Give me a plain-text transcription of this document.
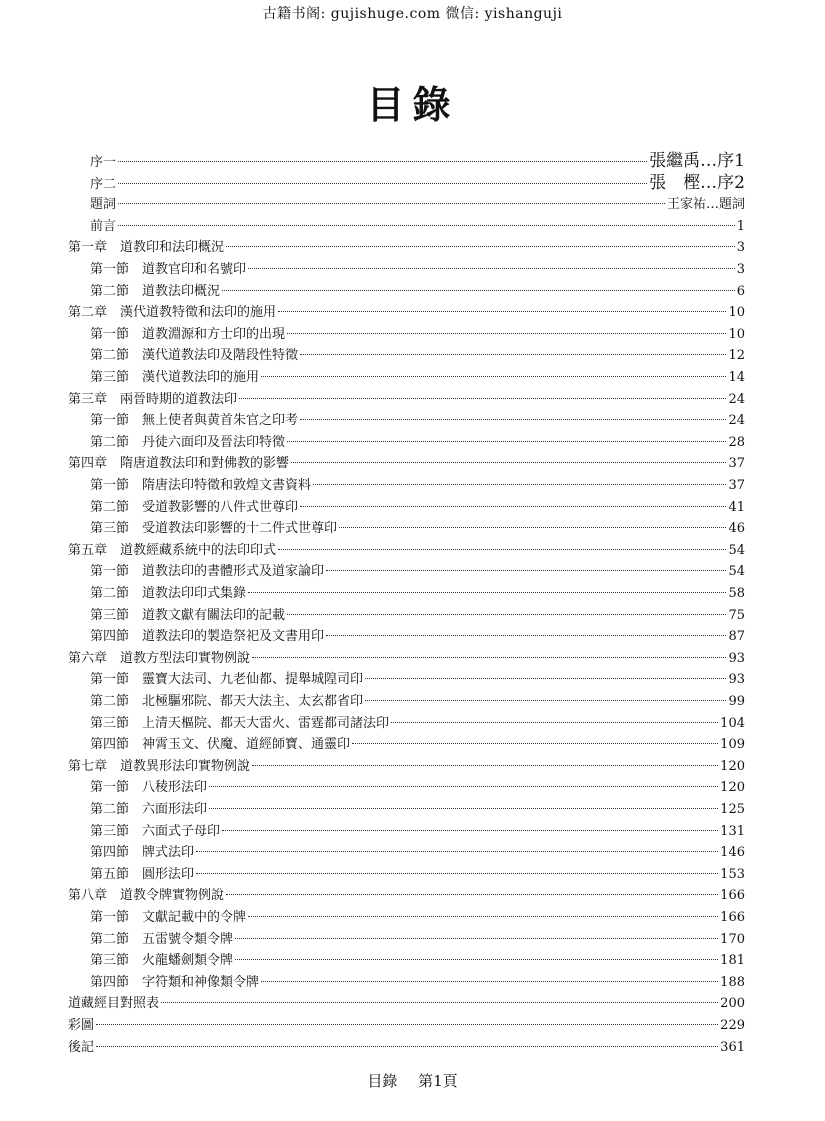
古籍书阁: gujishuge.com 微信: yishanguji
目錄
序一	張繼禹…序1
序二	張　樫…序2
題詞	王家祐…題詞
前言	1
第一章　道教印和法印概況	3
第一節　道教官印和名號印	3
第二節　道教法印概況	6
第二章　漢代道教特徵和法印的施用	10
第一節　道教淵源和方士印的出現	10
第二節　漢代道教法印及階段性特徵	12
第三節　漢代道教法印的施用	14
第三章　兩晉時期的道教法印	24
第一節　無上使者與黄首朱官之印考	24
第二節　丹徒六面印及晉法印特徵	28
第四章　隋唐道教法印和對佛教的影響	37
第一節　隋唐法印特徵和敦煌文書資料	37
第二節　受道教影響的八件式世尊印	41
第三節　受道教法印影響的十二件式世尊印	46
第五章　道教經藏系統中的法印印式	54
第一節　道教法印的書體形式及道家論印	54
第二節　道教法印印式集錄	58
第三節　道教文獻有關法印的記載	75
第四節　道教法印的製造祭祀及文書用印	87
第六章　道教方型法印實物例說	93
第一節　靈寶大法司、九老仙都、提舉城隍司印	93
第二節　北極驅邪院、都天大法主、太玄都省印	99
第三節　上清天樞院、都天大雷火、雷霆都司諸法印	104
第四節　神霄玉文、伏魔、道經師寶、通靈印	109
第七章　道教異形法印實物例說	120
第一節　八稜形法印	120
第二節　六面形法印	125
第三節　六面式子母印	131
第四節　牌式法印	146
第五節　圓形法印	153
第八章　道教令牌實物例說	166
第一節　文獻記載中的令牌	166
第二節　五雷號令類令牌	170
第三節　火龍蟠劍類令牌	181
第四節　字符類和神像類令牌	188
道藏經目對照表	200
彩圖	229
後記	361
目錄 第1頁
